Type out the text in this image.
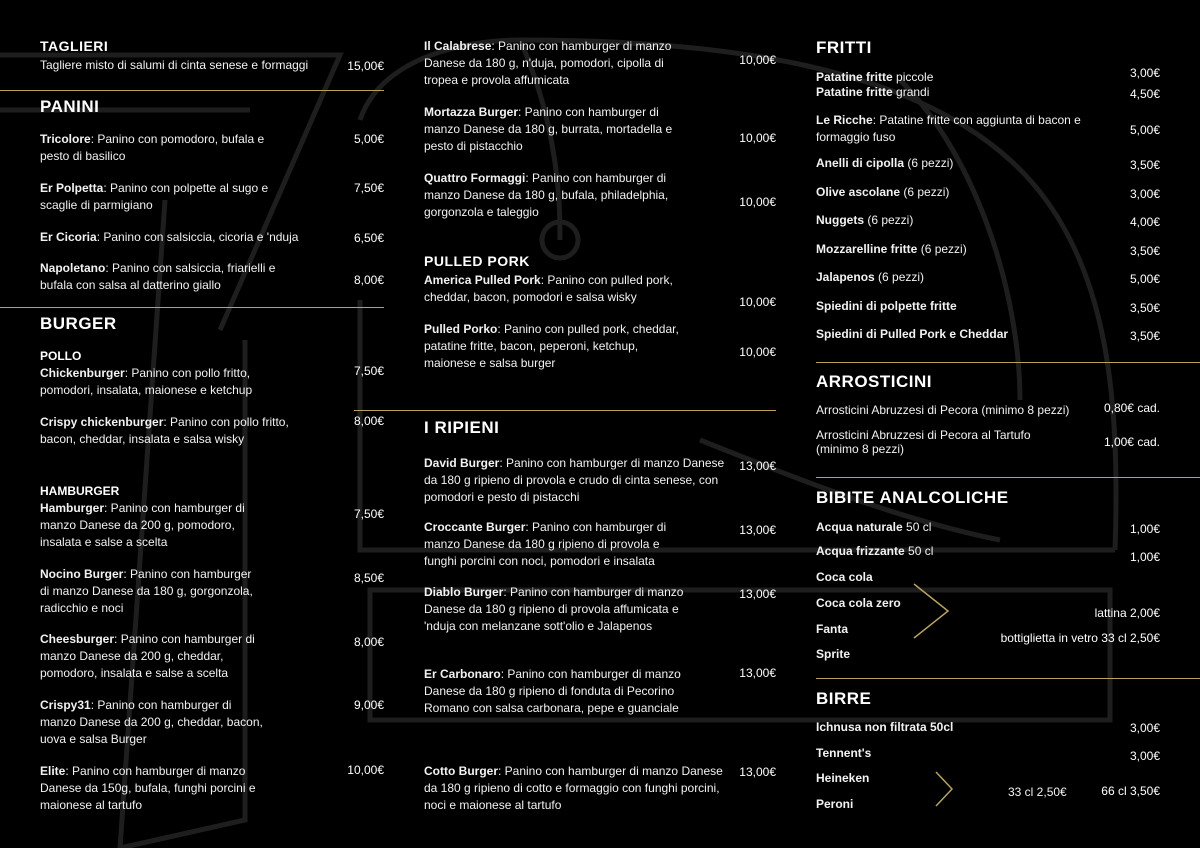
TAGLIERI
Tagliere misto di salumi di cinta senese e formaggi	15,00€
PANINI
Tricolore: Panino con pomodoro, bufala e pesto di basilico
5,00€
Er Polpetta: Panino con polpette al sugo e scaglie di parmigiano
7,50€
Er Cicoria: Panino con salsiccia, cicoria e 'nduja	6,50€
Napoletano: Panino con salsiccia, friarielli e bufala con salsa al datterino giallo	8,00€
BURGER
POLLO
Chickenburger: Panino con pollo fritto, pomodori, insalata, maionese e ketchup
7,50€
Crispy chickenburger: Panino con pollo fritto, bacon, cheddar, insalata e salsa wisky
8,00€
HAMBURGER
Hamburger: Panino con hamburger di manzo Danese da 200 g, pomodoro, insalata e salse a scelta
7,50€
Nocino Burger: Panino con hamburger di manzo Danese da 180 g, gorgonzola, radicchio e noci
8,50€
Cheesburger: Panino con hamburger di manzo Danese da 200 g, cheddar, pomodoro, insalata e salse a scelta
8,00€
Crispy31: Panino con hamburger di manzo Danese da 200 g, cheddar, bacon, uova e salsa Burger
9,00€
Elite: Panino con hamburger di manzo Danese da 150g, bufala, funghi porcini e maionese al tartufo
10,00€
Il Calabrese: Panino con hamburger di manzo Danese da 180 g, n'duja, pomodori, cipolla di tropea e provola affumicata
10,00€
Mortazza Burger: Panino con hamburger di manzo Danese da 180 g, burrata, mortadella e pesto di pistacchio
10,00€
Quattro Formaggi: Panino con hamburger di manzo Danese da 180 g, bufala, philadelphia, gorgonzola e taleggio
10,00€
PULLED PORK
America Pulled Pork: Panino con pulled pork, cheddar, bacon, pomodori e salsa wisky	10,00€
Pulled Porko: Panino con pulled pork, cheddar, patatine fritte, bacon, peperoni, ketchup, maionese e salsa burger
10,00€
I RIPIENI
David Burger: Panino con hamburger di manzo Danese da 180 g ripieno di provola e crudo di cinta senese, con pomodori e pesto di pistacchi
13,00€
Croccante Burger: Panino con hamburger di manzo Danese da 180 g ripieno di provola e funghi porcini con noci, pomodori e insalata
13,00€
Diablo Burger: Panino con hamburger di manzo Danese da 180 g ripieno di provola affumicata e 'nduja con melanzane sott'olio e Jalapenos
13,00€
Er Carbonaro: Panino con hamburger di manzo Danese da 180 g ripieno di fonduta di Pecorino Romano con salsa carbonara, pepe e guanciale
13,00€
Cotto Burger: Panino con hamburger di manzo Danese da 180 g ripieno di cotto e formaggio con funghi porcini, noci e maionese al tartufo
13,00€
FRITTI
Patatine fritte piccole	3,00€
Patatine fritte grandi	4,50€
Le Ricche: Patatine fritte con aggiunta di bacon e formaggio fuso	5,00€
Anelli di cipolla (6 pezzi)	3,50€
Olive ascolane (6 pezzi)	3,00€
Nuggets (6 pezzi)	4,00€
Mozzarelline fritte (6 pezzi)	3,50€
Jalapenos (6 pezzi)	5,00€
Spiedini di polpette fritte	3,50€
Spiedini di Pulled Pork e Cheddar	3,50€
ARROSTICINI
Arrosticini Abruzzesi di Pecora (minimo 8 pezzi)	0,80€ cad.
Arrosticini Abruzzesi di Pecora al Tartufo (minimo 8 pezzi)	1,00€ cad.
BIBITE ANALCOLICHE
Acqua naturale 50 cl	1,00€
Acqua frizzante 50 cl	1,00€
Coca cola
Coca cola zero
Fanta
Sprite
lattina 2,00€
bottiglietta in vetro 33 cl 2,50€
BIRRE
Ichnusa non filtrata 50cl	3,00€
Tennent's	3,00€
Heineken
Peroni
33 cl 2,50€	66 cl 3,50€
